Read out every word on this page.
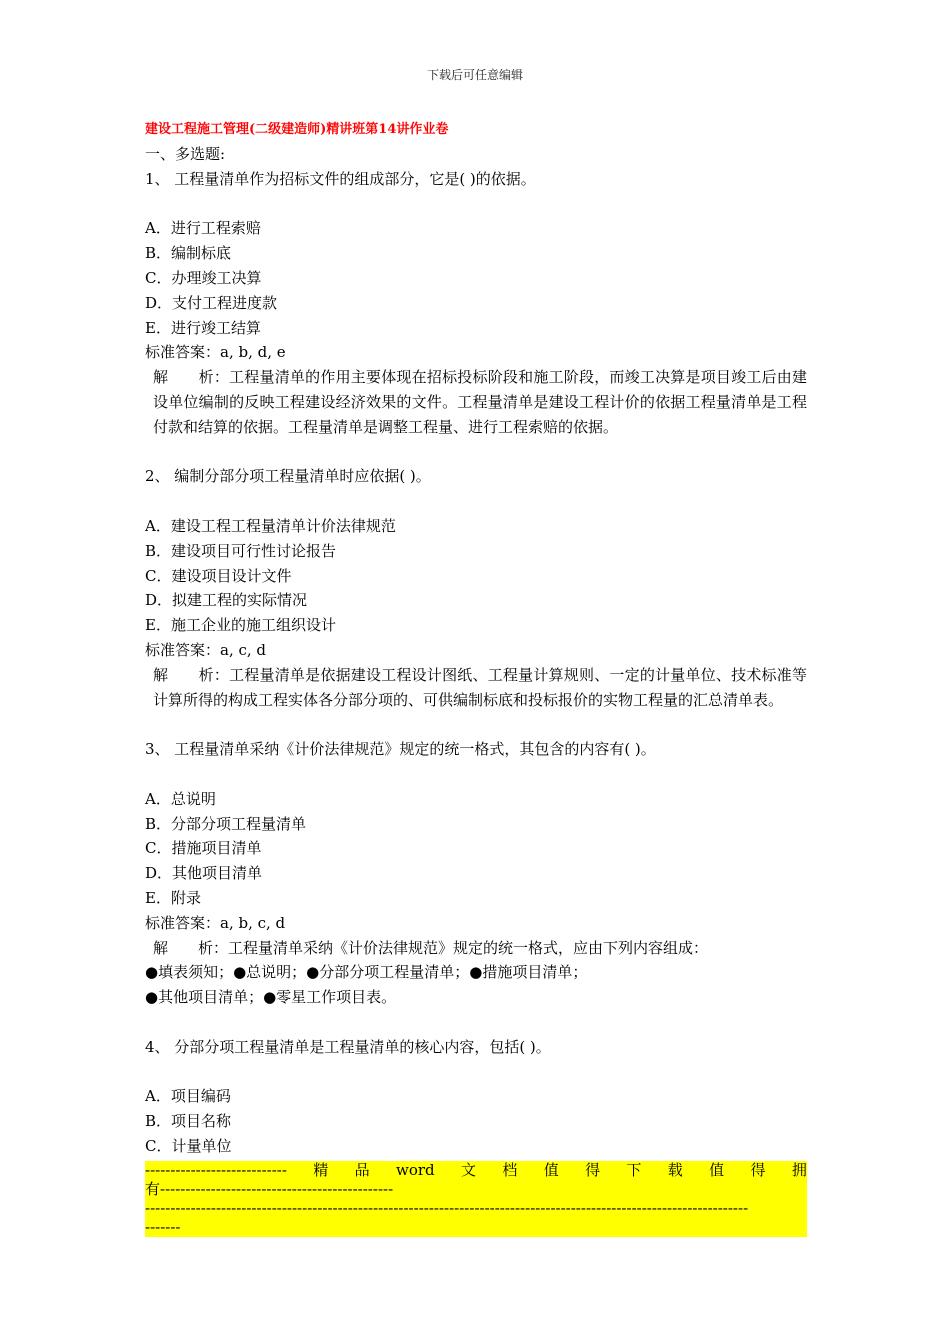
下载后可任意编辑
建设工程施工管理(二级建造师)精讲班第14讲作业卷
一、多选题:
1、 工程量清单作为招标文件的组成部分，它是( )的依据。
A．进行工程索赔
B．编制标底
C．办理竣工决算
D．支付工程进度款
E．进行竣工结算
标准答案：a, b, d, e
解　　析：工程量清单的作用主要体现在招标投标阶段和施工阶段，而竣工决算是项目竣工后由建设单位编制的反映工程建设经济效果的文件。工程量清单是建设工程计价的依据工程量清单是工程付款和结算的依据。工程量清单是调整工程量、进行工程索赔的依据。
2、 编制分部分项工程量清单时应依据( )。
A．建设工程工程量清单计价法律规范
B．建设项目可行性讨论报告
C．建设项目设计文件
D．拟建工程的实际情况
E．施工企业的施工组织设计
标准答案：a, c, d
解　　析：工程量清单是依据建设工程设计图纸、工程量计算规则、一定的计量单位、技术标准等计算所得的构成工程实体各分部分项的、可供编制标底和投标报价的实物工程量的汇总清单表。
3、 工程量清单采纳《计价法律规范》规定的统一格式，其包含的内容有( )。
A．总说明
B．分部分项工程量清单
C．措施项目清单
D．其他项目清单
E．附录
标准答案：a, b, c, d
解　　析：工程量清单采纳《计价法律规范》规定的统一格式，应由下列内容组成：
●填表须知；●总说明；●分部分项工程量清单；●措施项目清单；
●其他项目清单；●零星工作项目表。
4、 分部分项工程量清单是工程量清单的核心内容，包括( )。
A．项目编码
B．项目名称
C．计量单位
---------------------------- 精 品 word 文 档 值 得 下 载 值 得 拥
有----------------------------------------------
-----------------------------------------------------------------------------------------------------------------------
-------
